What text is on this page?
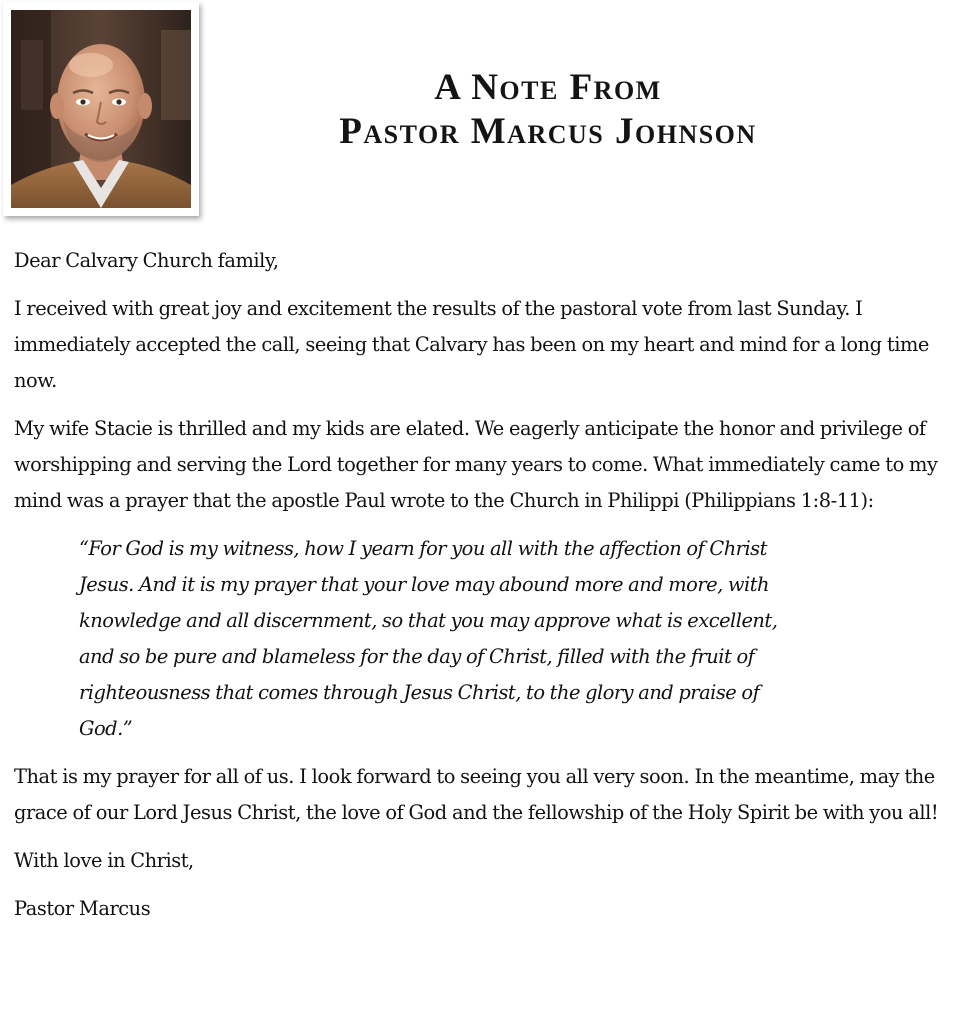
A Note From
Pastor Marcus Johnson

Dear Calvary Church family,

I received with great joy and excitement the results of the pastoral vote from last Sunday. I immediately accepted the call, seeing that Calvary has been on my heart and mind for a long time now.

My wife Stacie is thrilled and my kids are elated. We eagerly anticipate the honor and privilege of worshipping and serving the Lord together for many years to come. What immediately came to my mind was a prayer that the apostle Paul wrote to the Church in Philippi (Philippians 1:8-11):

“For God is my witness, how I yearn for you all with the affection of Christ Jesus. And it is my prayer that your love may abound more and more, with knowledge and all discernment, so that you may approve what is excellent, and so be pure and blameless for the day of Christ, filled with the fruit of righteousness that comes through Jesus Christ, to the glory and praise of God.”

That is my prayer for all of us. I look forward to seeing you all very soon. In the meantime, may the grace of our Lord Jesus Christ, the love of God and the fellowship of the Holy Spirit be with you all!

With love in Christ,

Pastor Marcus
